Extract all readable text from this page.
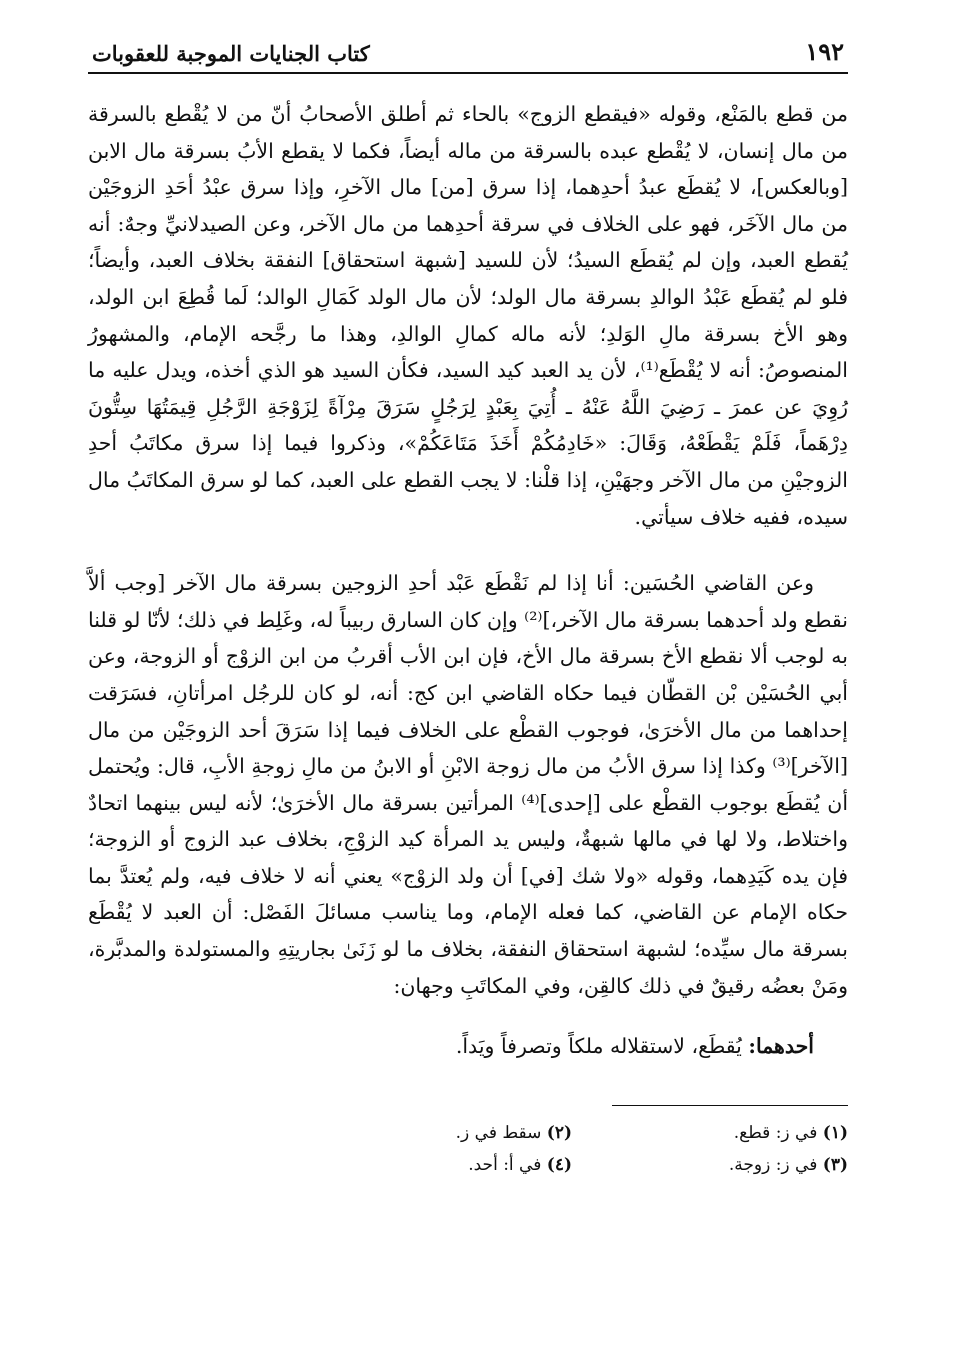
١٩٢
كتاب الجنايات الموجبة للعقوبات

من قطع بالمَنْع، وقوله «فيقطع الزوج» بالحاء ثم أطلق الأصحابُ أنّ من لا يُقْطع بالسرقة من مال إنسان، لا يُقْطع عبده بالسرقة من ماله أيضاً، فكما لا يقطع الأبُ بسرقة مال الابن [وبالعكس]، لا يُقطَع عبدُ أحدِهما، إذا سرق [من] مال الآخرِ، وإذا سرق عبْدُ أحَدِ الزوجَيْن من مال الآخَر، فهو على الخلاف في سرقة أحدِهما من مال الآخر، وعن الصيدلانيِّ وجهٌ: أنه يُقطع العبد، وإن لم يُقطَع السيدُ؛ لأن للسيد [شبهة استحقاق] النفقة بخلاف العبد، وأيضاً؛ فلو لم يُقطَع عَبْدُ الوالدِ بسرقة مال الولد؛ لأن مال الولد كَمَالِ الوالد؛ لَما قُطِعَ ابن الولد، وهو الأخ بسرقة مالِ الوَلدِ؛ لأنه ماله كمالِ الوالدِ، وهذا ما رجَّحه الإمام، والمشهورُ المنصوصُ: أنه لا يُقْطَع⁽¹⁾، لأن يد العبد كيد السيد، فكأن السيد هو الذي أخذه، ويدل عليه ما رُوِيَ عن عمرَ ـ رَضِيَ اللَّهُ عَنْهُ ـ أُتِيَ بِعَبْدٍ لِرَجُلٍ سَرَقَ مِرْآةً لِزَوْجَةِ الرَّجُلِ قِيمَتُهَا سِتُّونَ دِرْهَماً، فَلَمْ يَقْطَعْهُ، وَقَالَ: «خَادِمُكُمْ أَخَذَ مَتَاعَكُمْ»، وذكروا فيما إذا سرق مكاتَبُ أحدِ الزوجيْنِ من مال الآخر وجهَيْنِ، إذا قلْنا: لا يجب القطع على العبد، كما لو سرق المكاتَبُ مال سيده، ففيه خلاف سيأتي.

وعن القاضي الحُسَين: أنا إذا لم نَقْطَع عَبْد أحدِ الزوجين بسرقة مال الآخر [وجب ألاَّ نقطع ولد أحدهما بسرقة مال الآخر،]⁽²⁾ وإن كان السارق ربيباً له، وغَلِط في ذلك؛ لأنّا لو قلنا به لوجب ألا نقطع الأخ بسرقة مال الأخ، فإن ابن الأب أقربُ من ابن الزوْج أو الزوجة، وعن أبي الحُسَيْن بْن القطّان فيما حكاه القاضي ابن كج: أنه، لو كان للرجُل امرأتانِ، فسَرَقت إحداهما من مال الأخرَىٰ، فوجوب القطْع على الخلاف فيما إذا سَرَقَ أحد الزوجَيْن من مال [الآخر]⁽³⁾ وكذا إذا سرق الأبُ من مال زوجة الابْنِ أو الابنُ من مالِ زوجةِ الأبِ، قال: ويُحتمل أن يُقطَع بوجوب القطْع على [إحدى]⁽⁴⁾ المرأتين بسرقة مال الأخرَىٰ؛ لأنه ليس بينهما اتحادٌ واختلاط، ولا لها في مالها شبهةٌ، وليس يد المرأة كيد الزوْجِ، بخلاف عبد الزوج أو الزوجة؛ فإن يده كَيَدِهما، وقوله «ولا شك [في] أن ولد الزوْج» يعني أنه لا خلاف فيه، ولم يُعتدَّ بما حكاه الإمام عن القاضي، كما فعله الإمام، وما يناسب مسائلَ الفَصْل: أن العبد لا يُقْطَع بسرقة مال سيِّده؛ لشبهة استحقاق النفقة، بخلاف ما لو زَنَىٰ بجاريتِهِ والمستولدة والمدبَّرة، ومَنْ بعضُه رقيقٌ في ذلك كالقِن، وفي المكاتَبِ وجهان:

أحدهما: يُقطَع، لاستقلاله ملكاً وتصرفاً ويَداً.

(١) في ز: قطع.
(٢) سقط في ز.
(٣) في ز: زوجة.
(٤) في أ: أحد.
